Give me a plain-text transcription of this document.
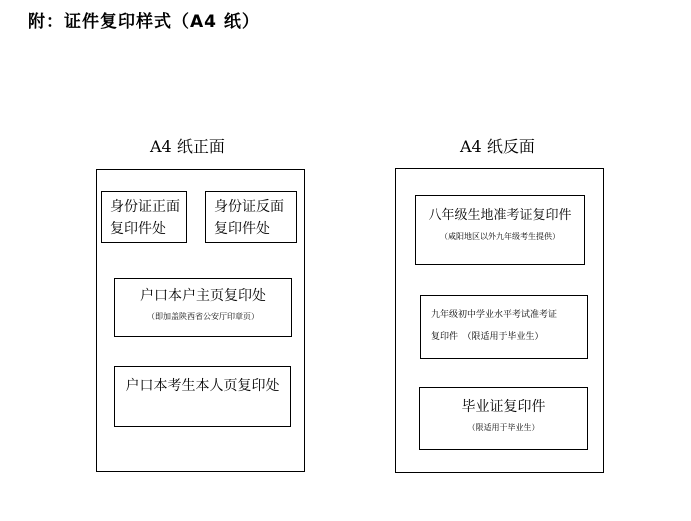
附：证件复印样式（A4 纸）
A4 纸正面
身份证正面
复印件处
身份证反面
复印件处
户口本户主页复印处
（即加盖陕西省公安厅印章页）
户口本考生本人页复印处
A4 纸反面
八年级生地准考证复印件
（咸阳地区以外九年级考生提供）
九年级初中学业水平考试准考证
复印件　（限适用于毕业生）
毕业证复印件
（限适用于毕业生）
